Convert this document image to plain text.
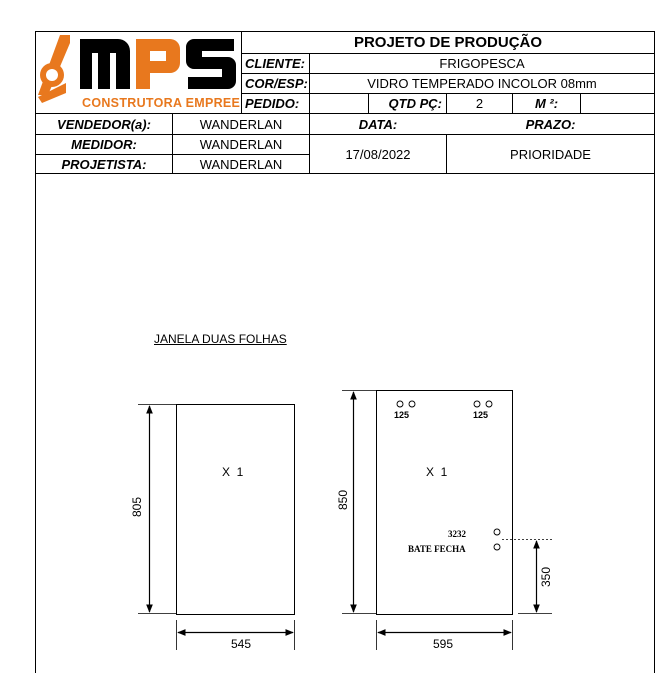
CONSTRUTORA EMPREE
PROJETO DE PRODUÇÃO
CLIENTE:	FRIGOPESCA
COR/ESP:	VIDRO TEMPERADO INCOLOR 08mm
PEDIDO:	QTD PÇ:	2	M ²:
VENDEDOR(a):	WANDERLAN	DATA:	PRAZO:
MEDIDOR:	WANDERLAN
PROJETISTA:	WANDERLAN
17/08/2022	PRIORIDADE
JANELA DUAS FOLHAS
805
545
X  1
850
595
X  1
125	125
3232
BATE FECHA
350
